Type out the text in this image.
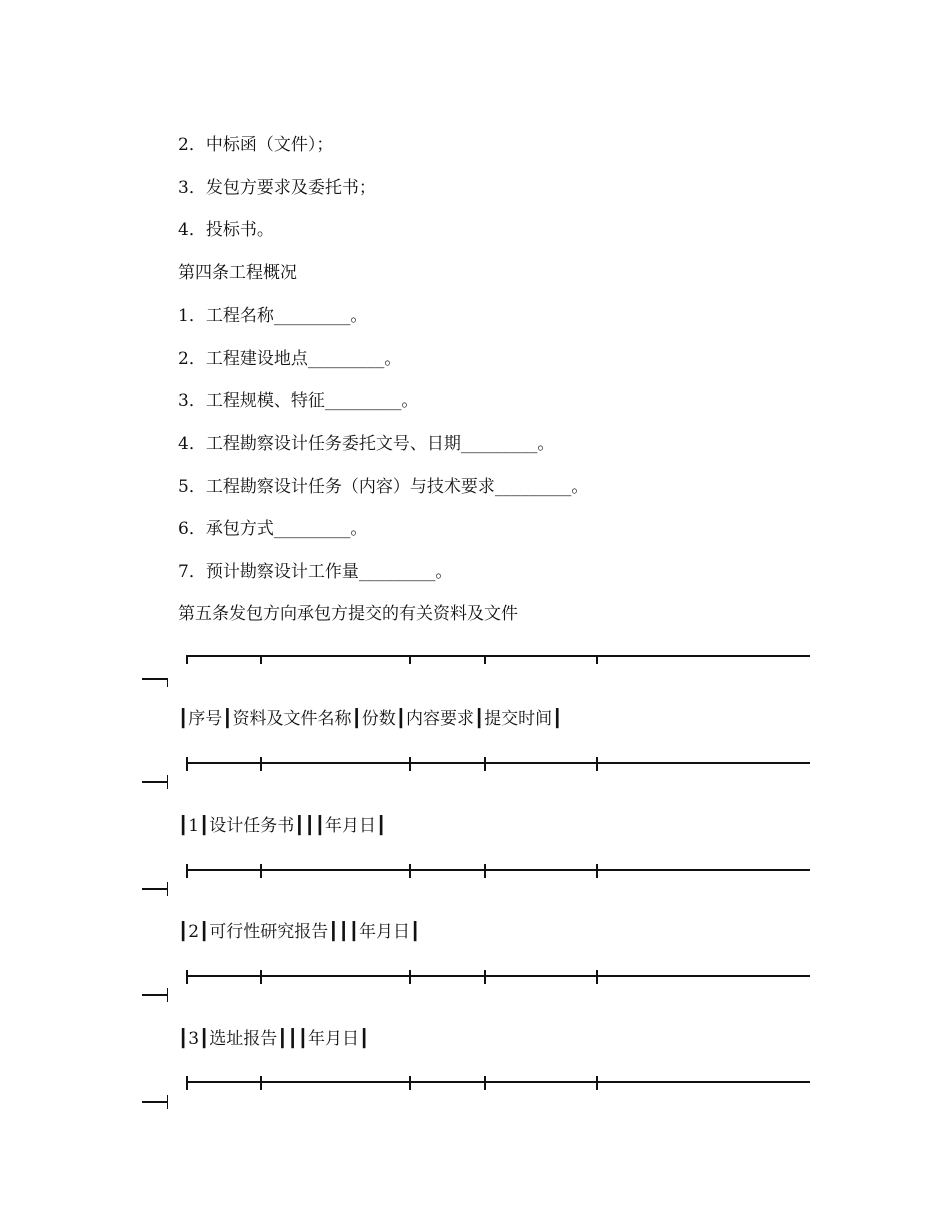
2．中标函（文件）；
3．发包方要求及委托书；
4．投标书。
第四条工程概况
1．工程名称_________。
2．工程建设地点_________。
3．工程规模、特征_________。
4．工程勘察设计任务委托文号、日期_________。
5．工程勘察设计任务（内容）与技术要求_________。
6．承包方式_________。
7．预计勘察设计工作量_________。
第五条发包方向承包方提交的有关资料及文件
┃序号┃资料及文件名称┃份数┃内容要求┃提交时间┃
┃1┃设计任务书┃┃┃年月日┃
┃2┃可行性研究报告┃┃┃年月日┃
┃3┃选址报告┃┃┃年月日┃
